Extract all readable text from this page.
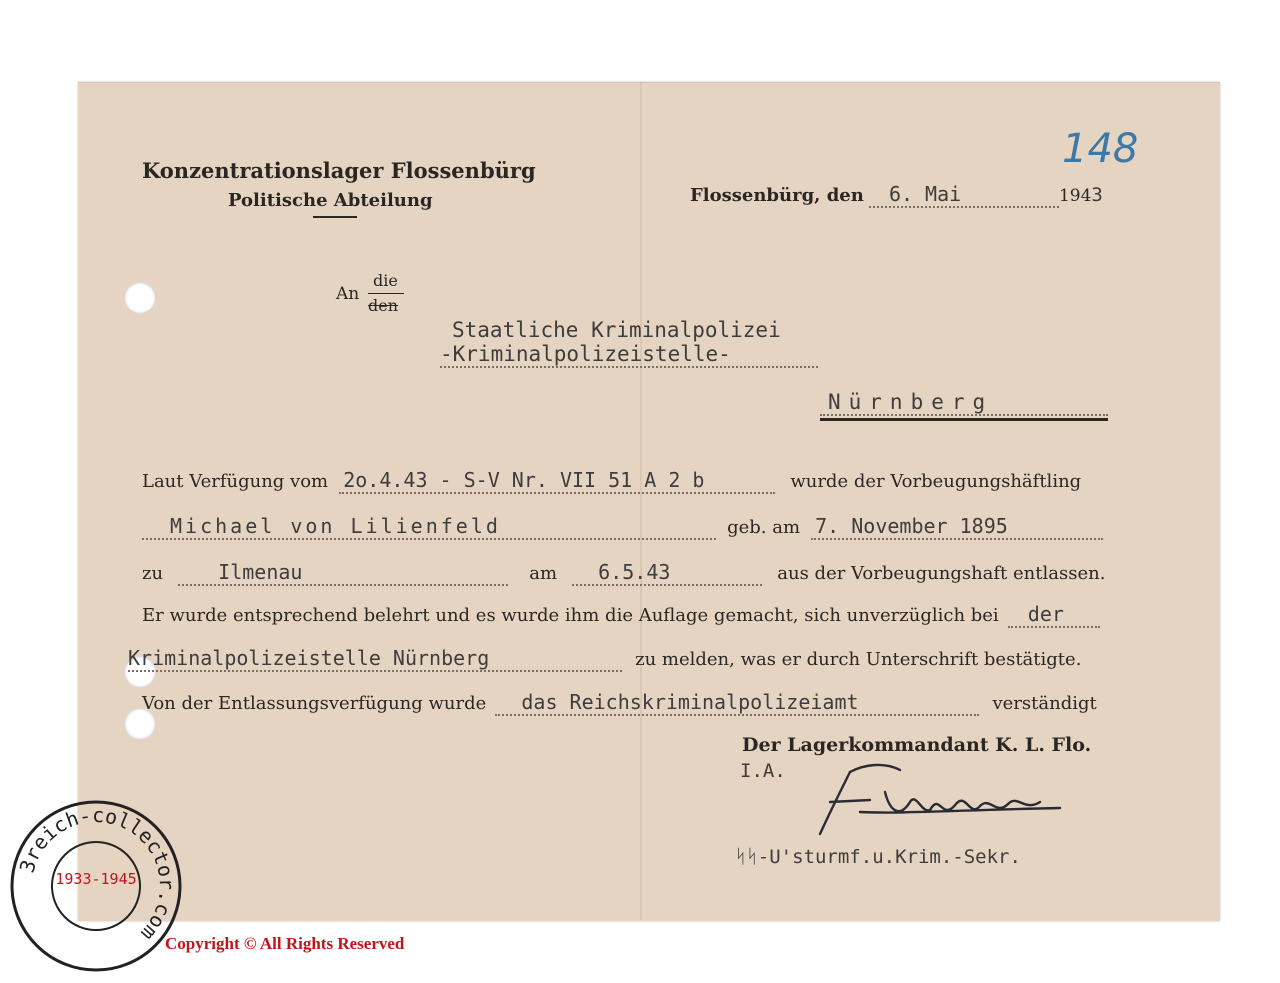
Konzentrationslager Flossenbürg
Politische Abteilung	Flossenbürg, den 6. Mai	1943
148
An
die
den
Staatliche Kriminalpolizei
-Kriminalpolizeistelle-
Nürnberg
Laut Verfügung vom 2o.4.43 - S-V Nr. VII 51 A 2 b	wurde der Vorbeugungshäftling
Michael von Lilienfeld	geb. am 7. November 1895
zu	Ilmenau	am 6.5.43	aus der Vorbeugungshaft entlassen.
Er wurde entsprechend belehrt und es wurde ihm die Auflage gemacht, sich unverzüglich bei der
Kriminalpolizeistelle Nürnberg	zu melden, was er durch Unterschrift bestätigte.
Von der Entlassungsverfügung wurde das Reichskriminalpolizeiamt	verständigt
Der Lagerkommandant K. L. Flo.
I.A.
ᛋᛋ-U'sturmf.u.Krim.-Sekr.
3reich-collector.com
1933-1945
Copyright © All Rights Reserved
